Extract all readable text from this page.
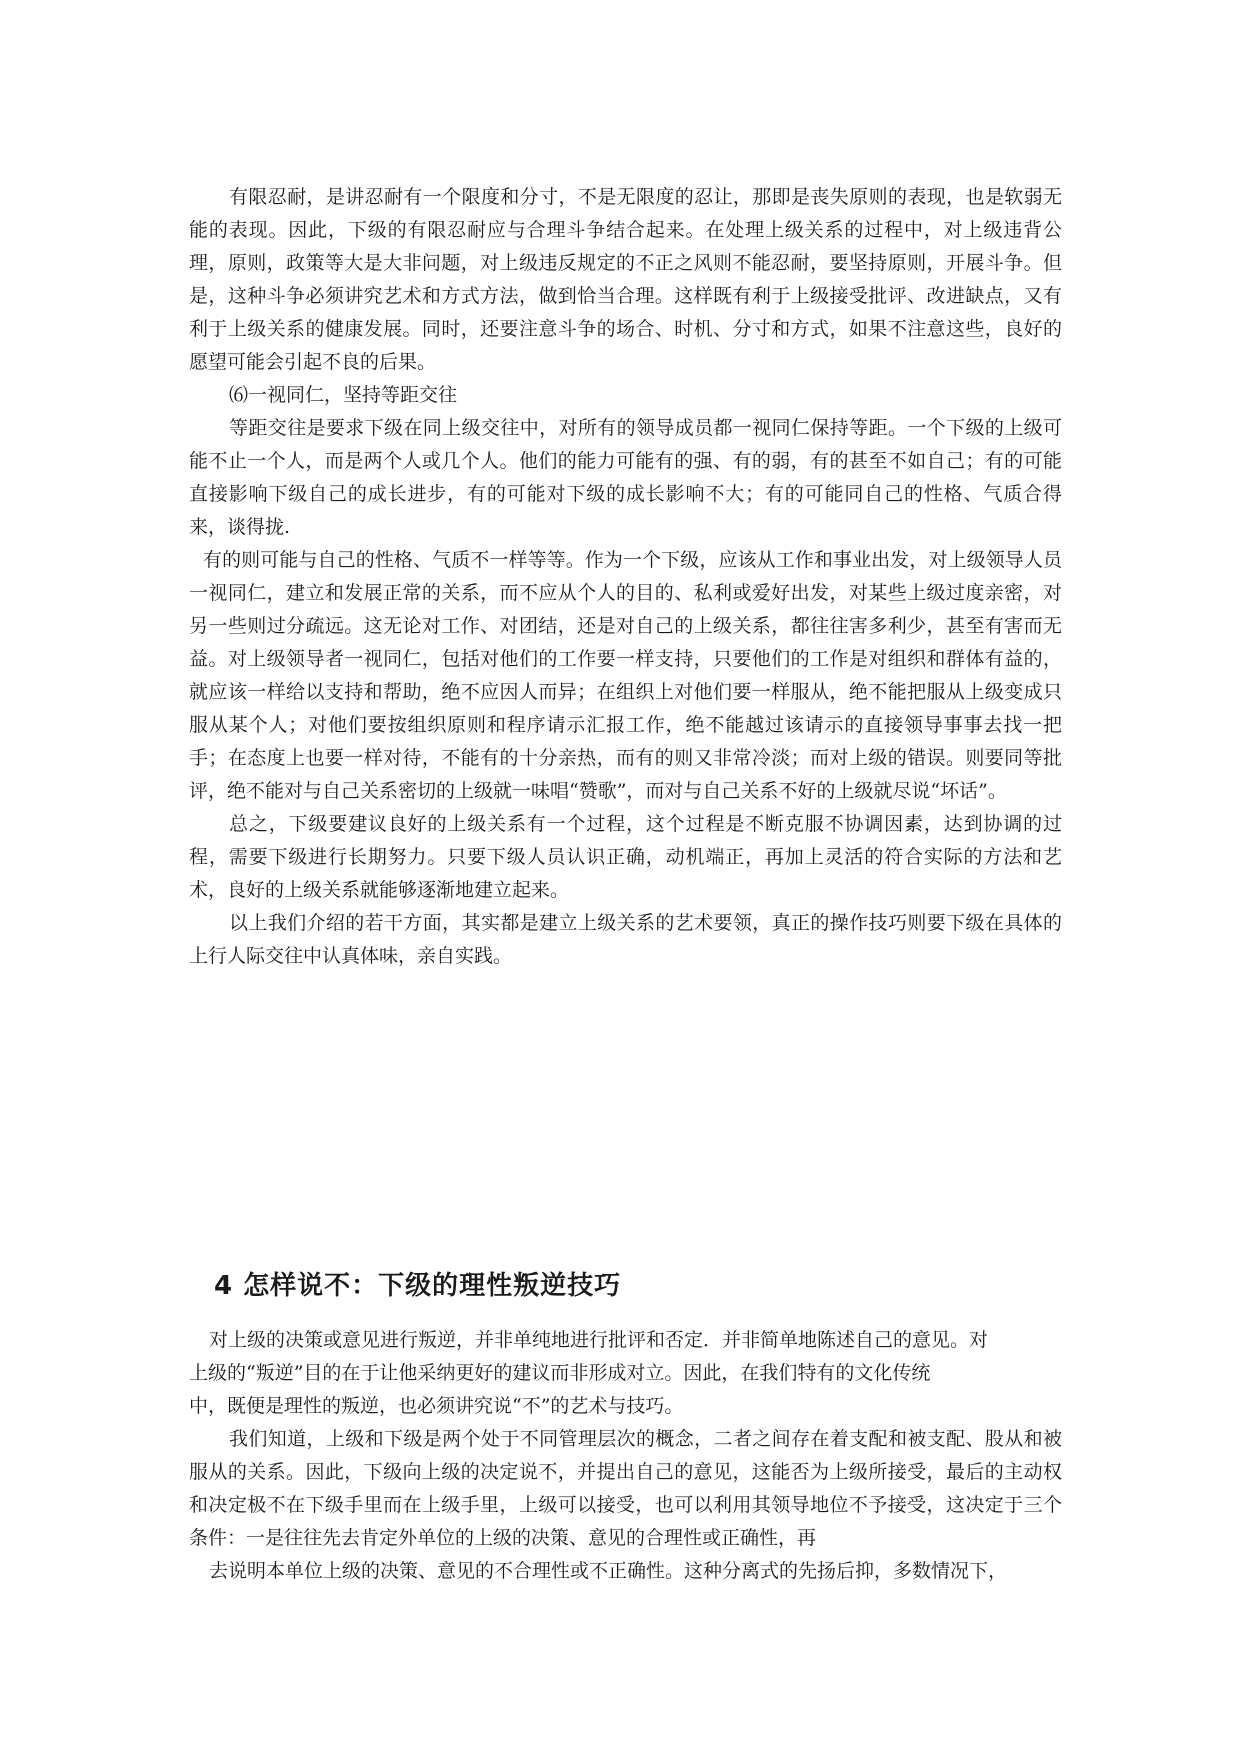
有限忍耐，是讲忍耐有一个限度和分寸，不是无限度的忍让，那即是丧失原则的表现，也是软弱无能的表现。因此，下级的有限忍耐应与合理斗争结合起来。在处理上级关系的过程中，对上级违背公理，原则，政策等大是大非问题，对上级违反规定的不正之风则不能忍耐，要坚持原则，开展斗争。但是，这种斗争必须讲究艺术和方式方法，做到恰当合理。这样既有利于上级接受批评、改进缺点，又有利于上级关系的健康发展。同时，还要注意斗争的场合、时机、分寸和方式，如果不注意这些，良好的愿望可能会引起不良的后果。

⑹一视同仁，坚持等距交往

等距交往是要求下级在同上级交往中，对所有的领导成员都一视同仁保持等距。一个下级的上级可能不止一个人，而是两个人或几个人。他们的能力可能有的强、有的弱，有的甚至不如自己；有的可能直接影响下级自己的成长进步，有的可能对下级的成长影响不大；有的可能同自己的性格、气质合得来，谈得拢.

有的则可能与自己的性格、气质不一样等等。作为一个下级，应该从工作和事业出发，对上级领导人员一视同仁，建立和发展正常的关系，而不应从个人的目的、私利或爱好出发，对某些上级过度亲密，对另一些则过分疏远。这无论对工作、对团结，还是对自己的上级关系，都往往害多利少，甚至有害而无益。对上级领导者一视同仁，包括对他们的工作要一样支持，只要他们的工作是对组织和群体有益的，就应该一样给以支持和帮助，绝不应因人而异；在组织上对他们要一样服从，绝不能把服从上级变成只服从某个人；对他们要按组织原则和程序请示汇报工作，绝不能越过该请示的直接领导事事去找一把手；在态度上也要一样对待，不能有的十分亲热，而有的则又非常冷淡；而对上级的错误。则要同等批评，绝不能对与自己关系密切的上级就一味唱“赞歌”，而对与自己关系不好的上级就尽说“坏话”。

总之，下级要建议良好的上级关系有一个过程，这个过程是不断克服不协调因素，达到协调的过程，需要下级进行长期努力。只要下级人员认识正确，动机端正，再加上灵活的符合实际的方法和艺术，良好的上级关系就能够逐渐地建立起来。

以上我们介绍的若干方面，其实都是建立上级关系的艺术要领，真正的操作技巧则要下级在具体的上行人际交往中认真体味，亲自实践。

4 怎样说不：下级的理性叛逆技巧

对上级的决策或意见进行叛逆，并非单纯地进行批评和否定．并非简单地陈述自己的意见。对

上级的“叛逆”目的在于让他采纳更好的建议而非形成对立。因此，在我们特有的文化传统

中，既便是理性的叛逆，也必须讲究说“不”的艺术与技巧。

我们知道，上级和下级是两个处于不同管理层次的概念，二者之间存在着支配和被支配、股从和被服从的关系。因此，下级向上级的决定说不，并提出自己的意见，这能否为上级所接受，最后的主动权和决定极不在下级手里而在上级手里，上级可以接受，也可以利用其领导地位不予接受，这决定于三个条件：一是往往先去肯定外单位的上级的决策、意见的合理性或正确性，再

去说明本单位上级的决策、意见的不合理性或不正确性。这种分离式的先扬后抑，多数情况下，
